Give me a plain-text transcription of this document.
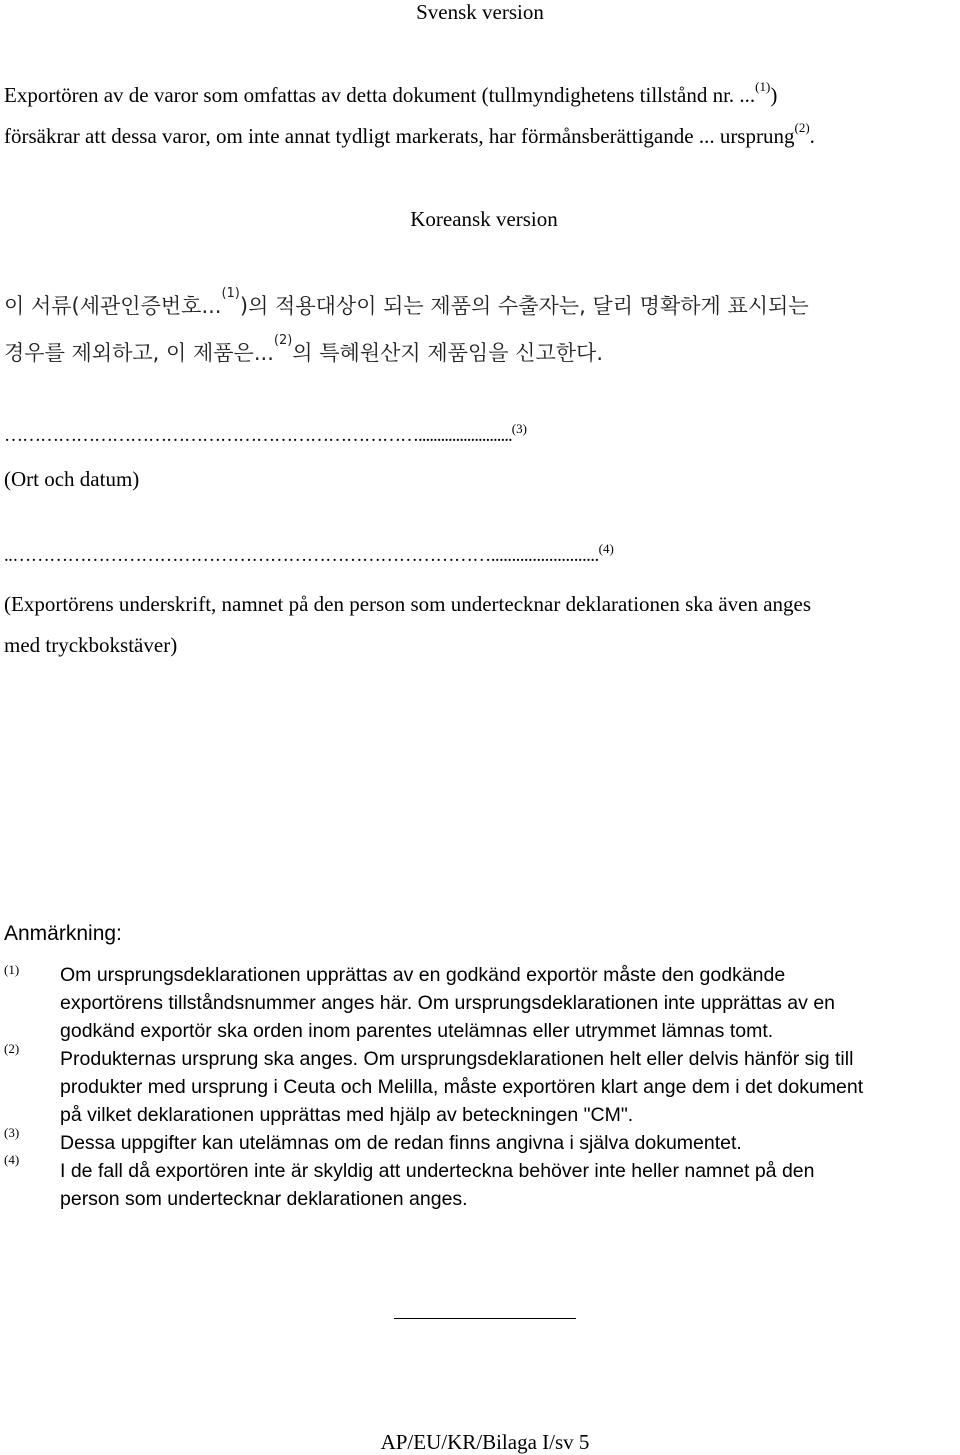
Svensk version
Exportören av de varor som omfattas av detta dokument (tullmyndighetens tillstånd nr. ...$^{(1)}$)
försäkrar att dessa varor, om inte annat tydligt markerats, har förmånsberättigande ... ursprung$^{(2)}$.
Koreansk version
이 서류(세관인증번호...$^{(1)}$)의 적용대상이 되는 제품의 수출자는, 달리 명확하게 표시되는
경우를 제외하고, 이 제품은...$^{(2)}$의 특혜원산지 제품임을 신고한다.
…………………………………………………………….........................$^{(3)}$
(Ort och datum)
..……………………………………………………………………..........................$^{(4)}$
(Exportörens underskrift, namnet på den person som undertecknar deklarationen ska även anges
med tryckbokstäver)
Anmärkning:
(1)
(2)
(3)
(4)
Om ursprungsdeklarationen upprättas av en godkänd exportör måste den godkände
exportörens tillståndsnummer anges här. Om ursprungsdeklarationen inte upprättas av en
godkänd exportör ska orden inom parentes utelämnas eller utrymmet lämnas tomt.
Produkternas ursprung ska anges. Om ursprungsdeklarationen helt eller delvis hänför sig till
produkter med ursprung i Ceuta och Melilla, måste exportören klart ange dem i det dokument
på vilket deklarationen upprättas med hjälp av beteckningen "CM".
Dessa uppgifter kan utelämnas om de redan finns angivna i själva dokumentet.
I de fall då exportören inte är skyldig att underteckna behöver inte heller namnet på den
person som undertecknar deklarationen anges.
AP/EU/KR/Bilaga I/sv 5
